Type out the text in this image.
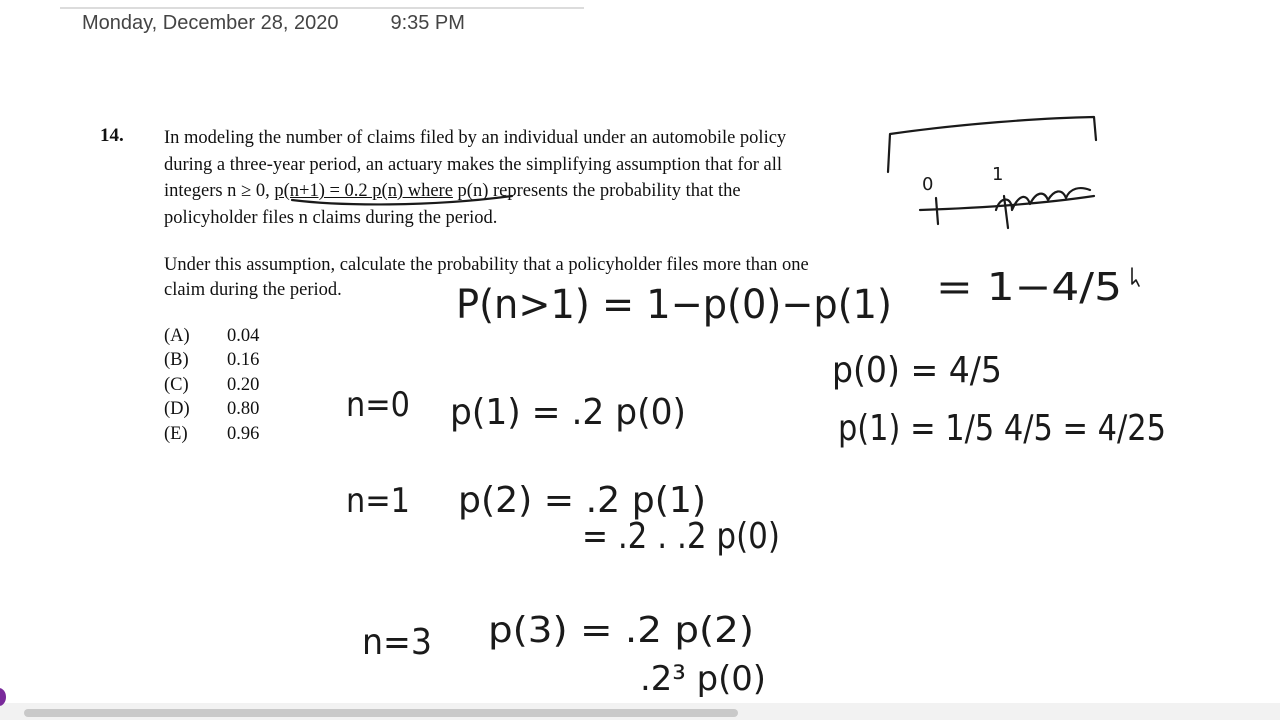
Monday, December 28, 2020	9:35 PM
14. In modeling the number of claims filed by an individual under an automobile policy
during a three-year period, an actuary makes the simplifying assumption that for all
integers n ≥ 0, p(n+1) = 0.2 p(n) where p(n) represents the probability that the
policyholder files n claims during the period.
Under this assumption, calculate the probability that a policyholder files more than one
claim during the period.
(A)	0.04
(B)	0.16
(C)	0.20
(D)	0.80
(E)	0.96
0	1
P(n>1) = 1−p(0)−p(1) = 1−4/5
p(0) = 4/5
p(1) = 1/5 4/5 = 4/25
n=0 p(1) = .2 p(0)
n=1 p(2) = .2 p(1)
= .2 . .2 p(0)
n=3 p(3) = .2 p(2)
.2³ p(0)
